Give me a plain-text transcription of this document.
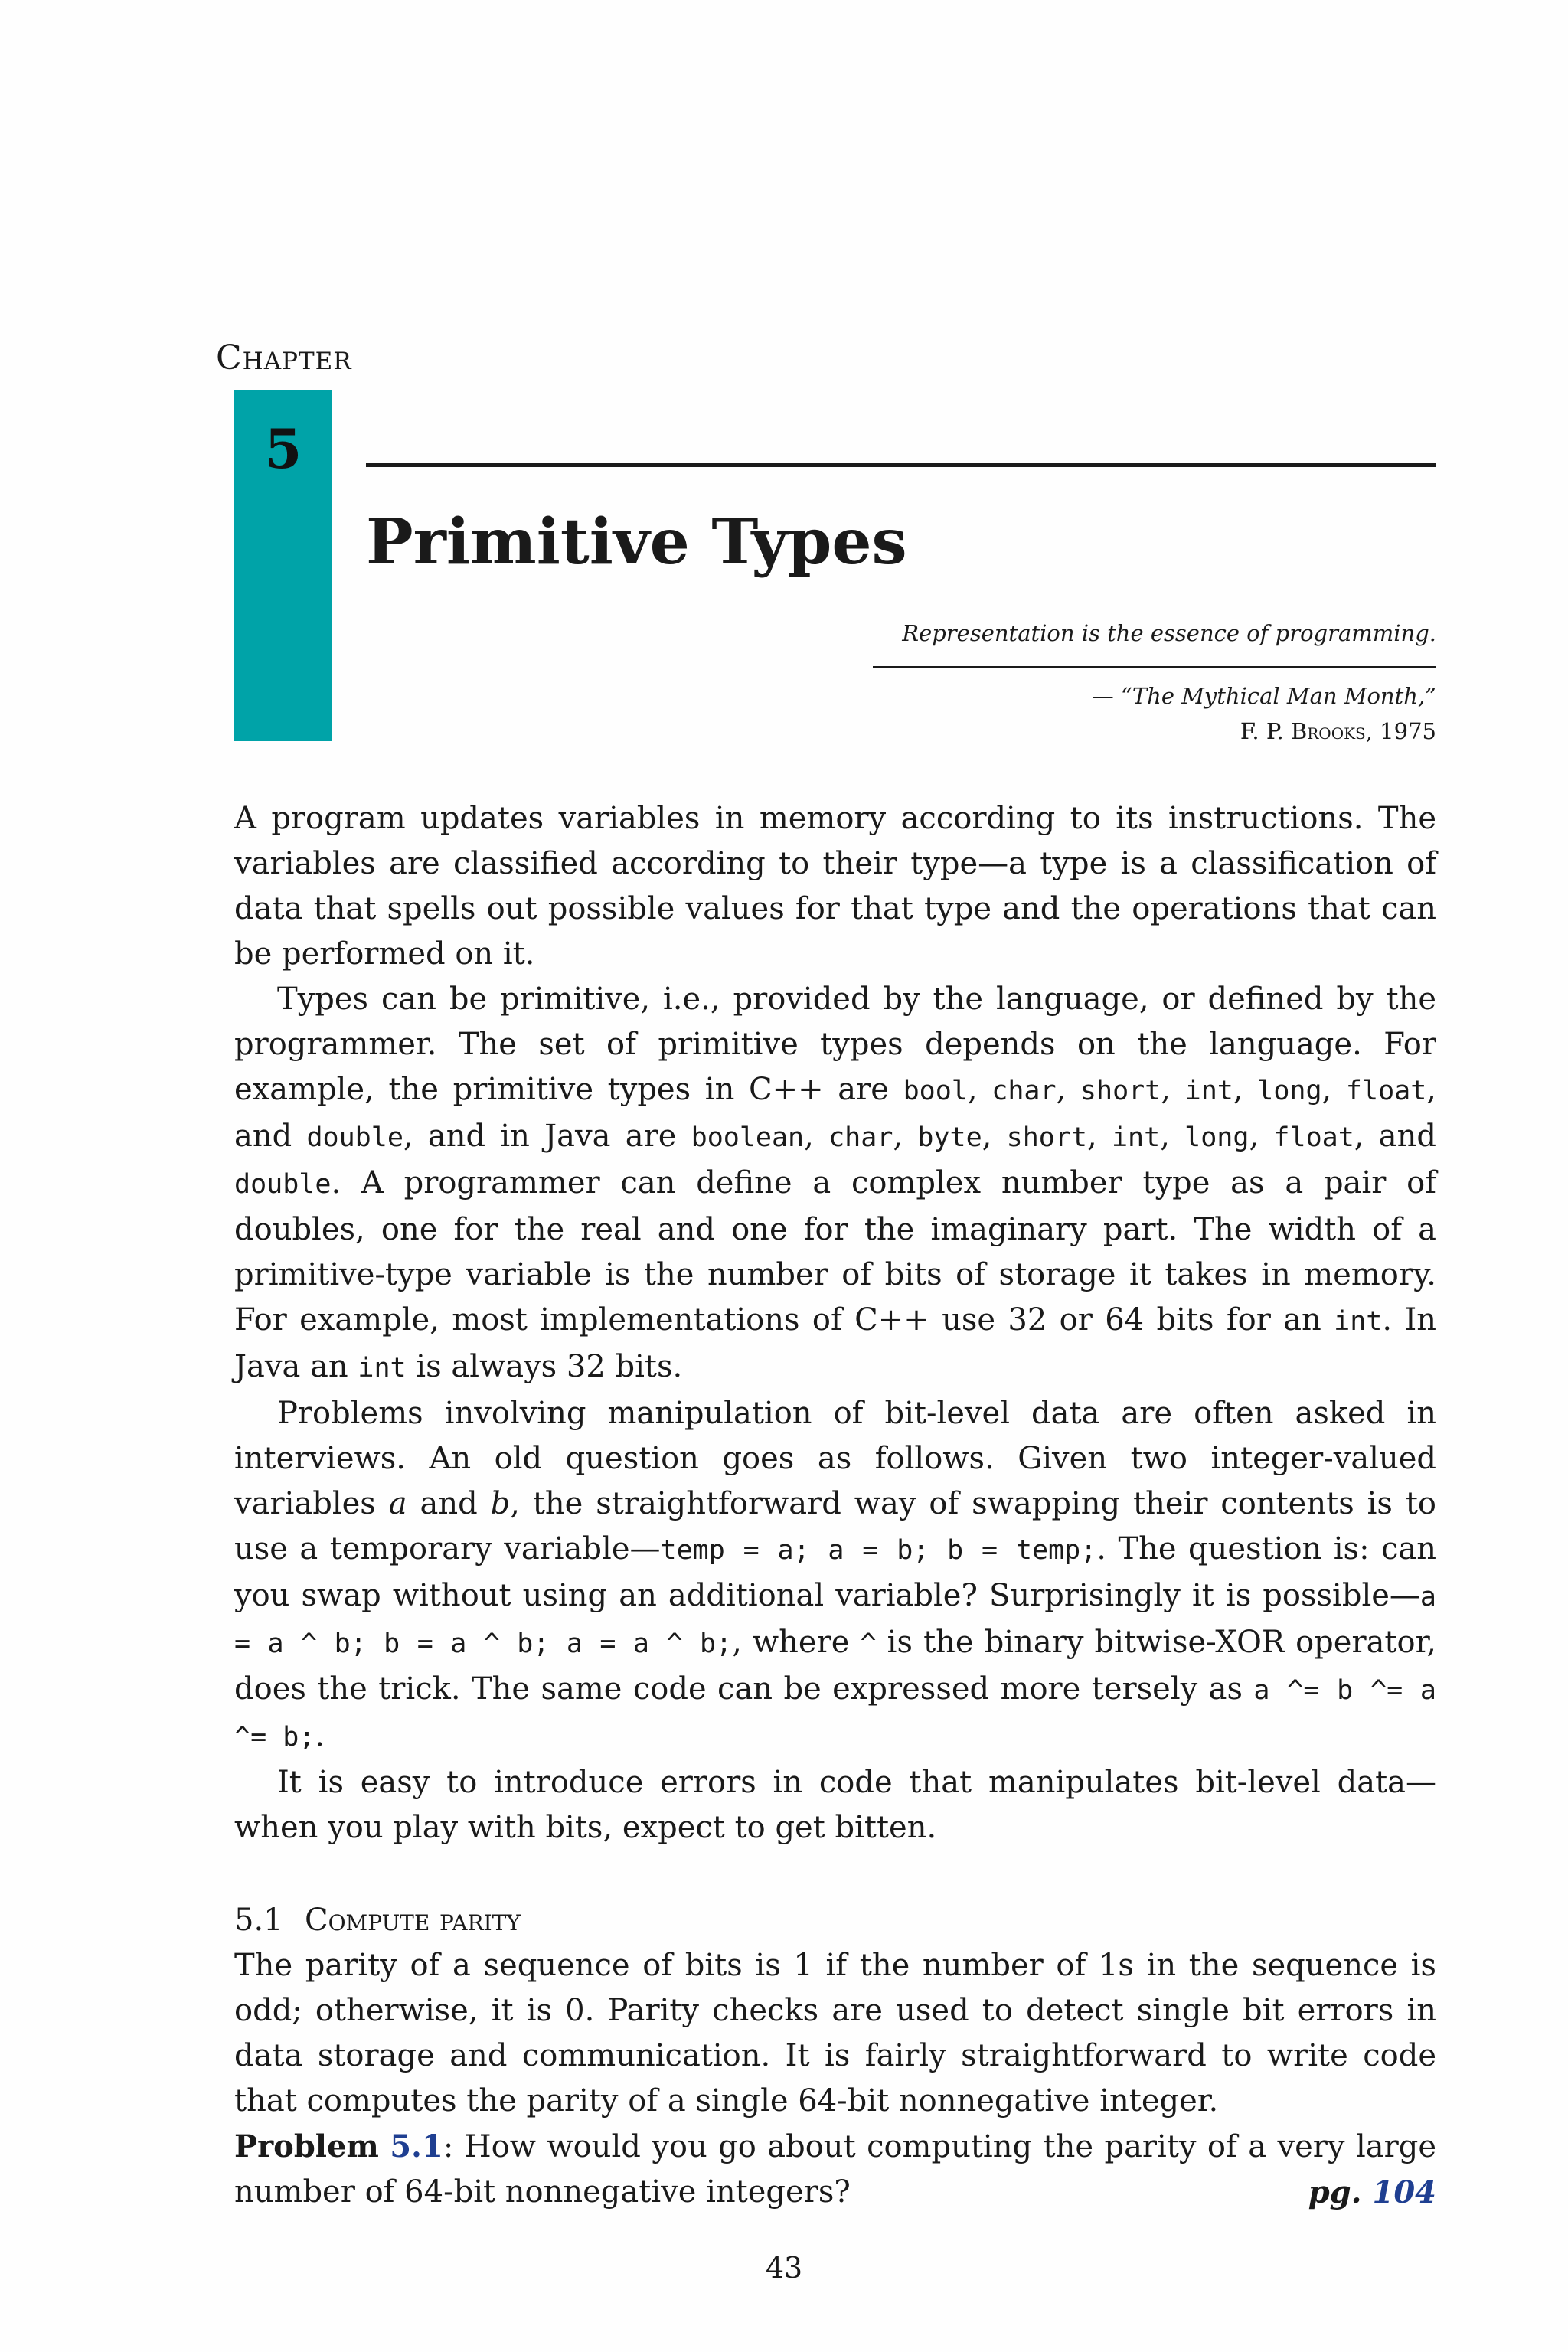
Chapter
5
Primitive Types
Representation is the essence of programming.
— “The Mythical Man Month,”
F. P. Brooks, 1975

A program updates variables in memory according to its instructions. The variables are classified according to their type—a type is a classification of data that spells out possible values for that type and the operations that can be performed on it.

Types can be primitive, i.e., provided by the language, or defined by the programmer. The set of primitive types depends on the language. For example, the primitive types in C++ are bool, char, short, int, long, float, and double, and in Java are boolean, char, byte, short, int, long, float, and double. A programmer can define a complex number type as a pair of doubles, one for the real and one for the imaginary part. The width of a primitive-type variable is the number of bits of storage it takes in memory. For example, most implementations of C++ use 32 or 64 bits for an int. In Java an int is always 32 bits.

Problems involving manipulation of bit-level data are often asked in interviews. An old question goes as follows. Given two integer-valued variables a and b, the straightforward way of swapping their contents is to use a temporary variable—temp = a; a = b; b = temp;. The question is: can you swap without using an additional variable? Surprisingly it is possible—a = a ^ b; b = a ^ b; a = a ^ b;, where ^ is the binary bitwise-XOR operator, does the trick. The same code can be expressed more tersely as a ^= b ^= a ^= b;.

It is easy to introduce errors in code that manipulates bit-level data—when you play with bits, expect to get bitten.

5.1 Compute parity

The parity of a sequence of bits is 1 if the number of 1s in the sequence is odd; otherwise, it is 0. Parity checks are used to detect single bit errors in data storage and communication. It is fairly straightforward to write code that computes the parity of a single 64-bit nonnegative integer.

Problem 5.1: How would you go about computing the parity of a very large number of 64-bit nonnegative integers?	pg. 104

43
